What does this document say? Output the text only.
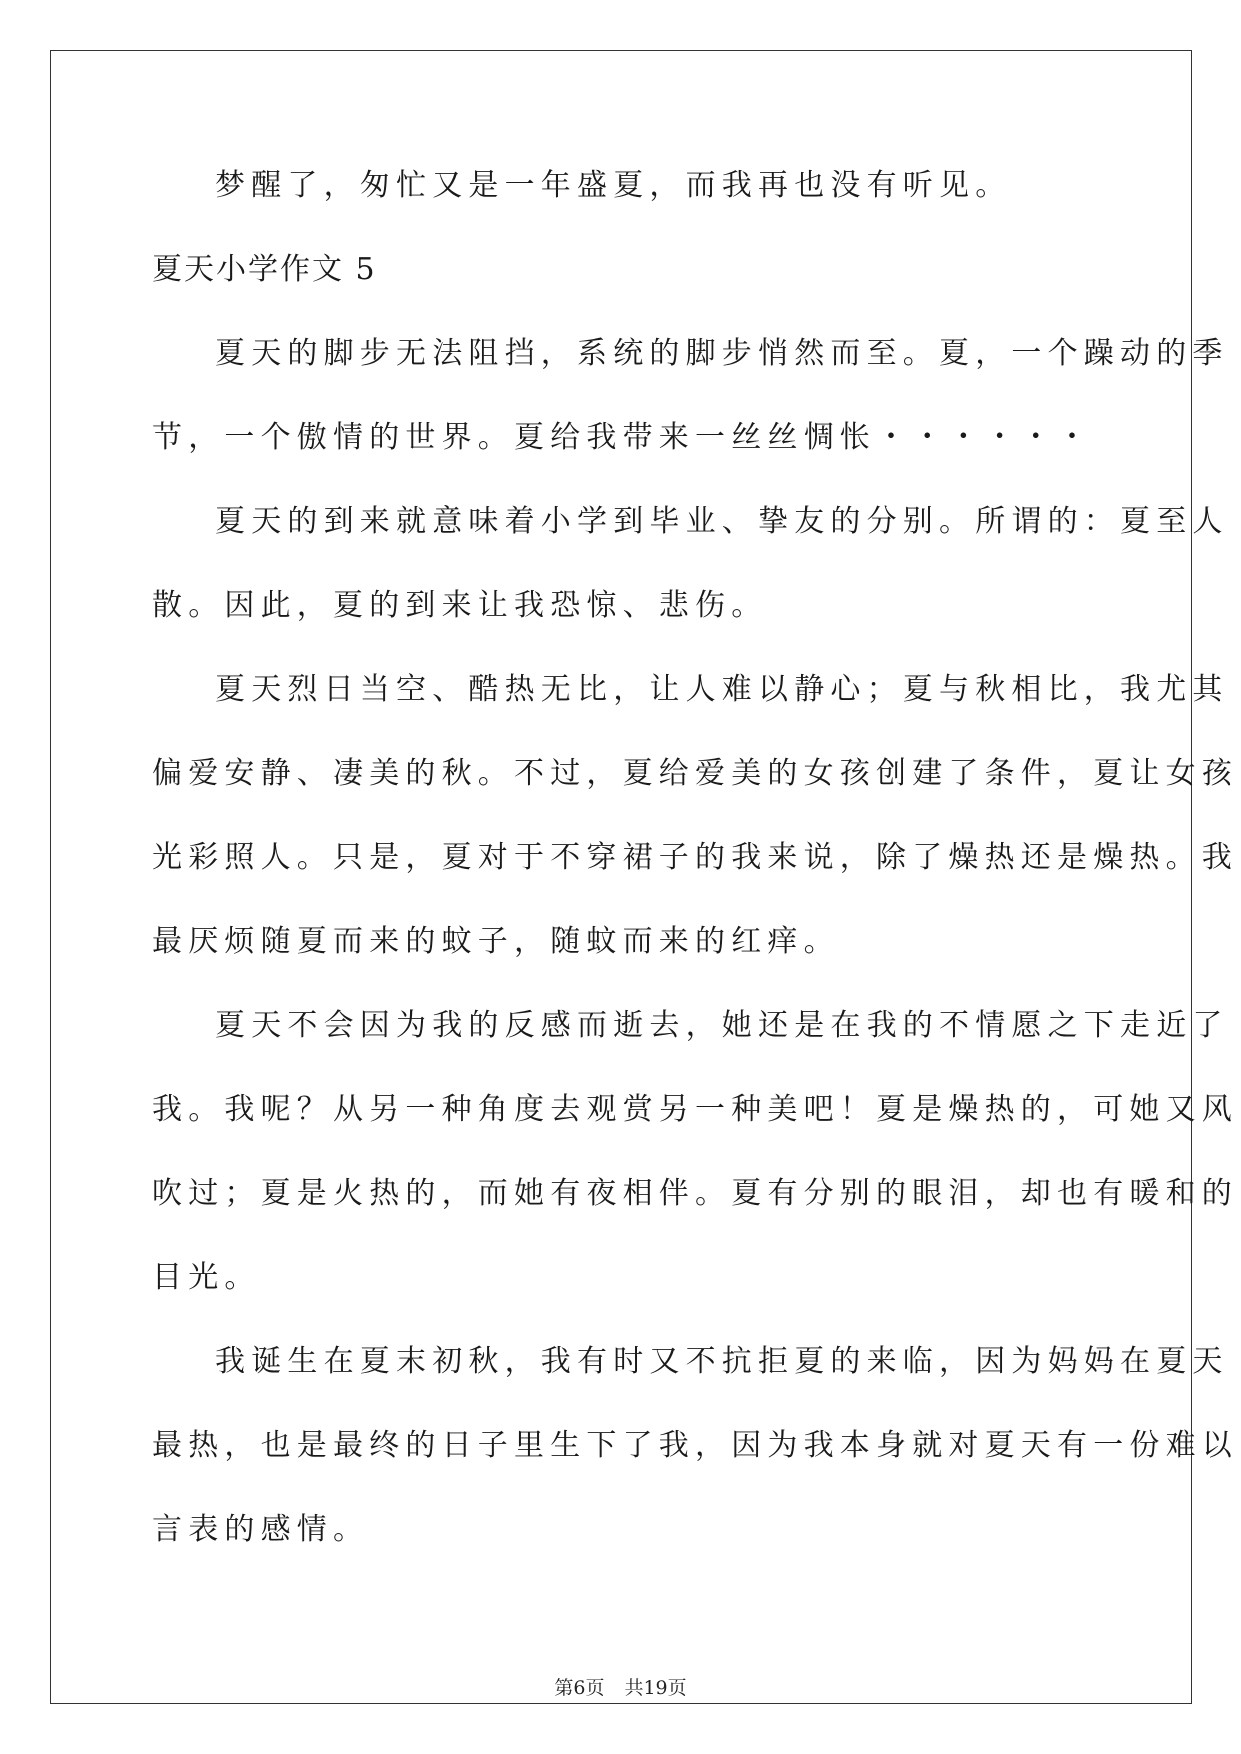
梦醒了，匆忙又是一年盛夏，而我再也没有听见。
夏天小学作文 5
夏天的脚步无法阻挡，系统的脚步悄然而至。夏，一个躁动的季
节，一个傲情的世界。夏给我带来一丝丝惆怅・・・・・・
夏天的到来就意味着小学到毕业、挚友的分别。所谓的：夏至人
散。因此，夏的到来让我恐惊、悲伤。
夏天烈日当空、酷热无比，让人难以静心；夏与秋相比，我尤其
偏爱安静、凄美的秋。不过，夏给爱美的女孩创建了条件，夏让女孩
光彩照人。只是，夏对于不穿裙子的我来说，除了燥热还是燥热。我
最厌烦随夏而来的蚊子，随蚊而来的红痒。
夏天不会因为我的反感而逝去，她还是在我的不情愿之下走近了
我。我呢？从另一种角度去观赏另一种美吧！夏是燥热的，可她又风
吹过；夏是火热的，而她有夜相伴。夏有分别的眼泪，却也有暖和的
目光。
我诞生在夏末初秋，我有时又不抗拒夏的来临，因为妈妈在夏天
最热，也是最终的日子里生下了我，因为我本身就对夏天有一份难以
言表的感情。
第6页 共19页
